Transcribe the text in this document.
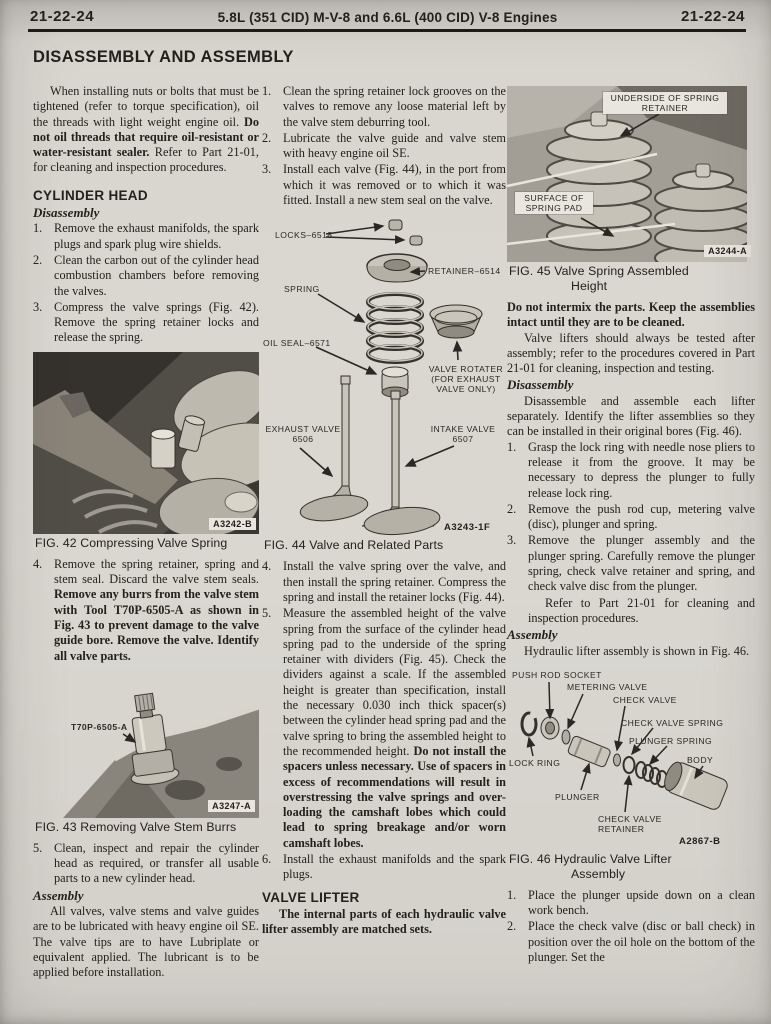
21-22-24	5.8L (351 CID) M-V-8 and 6.6L (400 CID) V-8 Engines	21-22-24
DISASSEMBLY AND ASSEMBLY

When installing nuts or bolts that must be tightened (refer to torque specification), oil the threads with light weight engine oil. Do not oil threads that require oil-resistant or water-resistant sealer. Refer to Part 21-01, for cleaning and inspection procedures.

CYLINDER HEAD
Disassembly
1. Remove the exhaust manifolds, the spark plugs and spark plug wire shields.
2. Clean the carbon out of the cylinder head combustion chambers before removing the valves.
3. Compress the valve springs (Fig. 42). Remove the spring retainer locks and release the spring.
A3242-B
FIG. 42 Compressing Valve Spring
4. Remove the spring retainer, spring and stem seal. Discard the valve stem seals. Remove any burrs from the valve stem with Tool T70P-6505-A as shown in Fig. 43 to prevent damage to the valve guide bore. Remove the valve. Identify all valve parts.
T70P-6505-A
A3247-A
FIG. 43 Removing Valve Stem Burrs
5. Clean, inspect and repair the cylinder head as required, or transfer all usable parts to a new cylinder head.
Assembly

All valves, valve stems and valve guides are to be lubricated with heavy engine oil SE. The valve tips are to have Lubriplate or equivalent applied. The lubricant is to be applied before installation.

1. Clean the spring retainer lock grooves on the valves to remove any loose material left by the valve stem deburring tool.
2. Lubricate the valve guide and valve stem with heavy engine oil SE.
3. Install each valve (Fig. 44), in the port from which it was removed or to which it was fitted. Install a new stem seal on the valve.
LOCKS–6518
RETAINER–6514
SPRING
OIL SEAL–6571
VALVE ROTATER (FOR EXHAUST VALVE ONLY)
EXHAUST VALVE 6506
INTAKE VALVE 6507
A3243-1F
FIG. 44 Valve and Related Parts
4. Install the valve spring over the valve, and then install the spring retainer. Compress the spring and install the retainer locks (Fig. 44).
5. Measure the assembled height of the valve spring from the surface of the cylinder head spring pad to the underside of the spring retainer with dividers (Fig. 45). Check the dividers against a scale. If the assembled height is greater than specification, install the necessary 0.030 inch thick spacer(s) between the cylinder head spring pad and the valve spring to bring the assembled height to the recommended height. Do not install the spacers unless necessary. Use of spacers in excess of recommendations will result in overstressing the valve springs and over-loading the camshaft lobes which could lead to spring breakage and/or worn camshaft lobes.
6. Install the exhaust manifolds and the spark plugs.
VALVE LIFTER

The internal parts of each hydraulic valve lifter assembly are matched sets.

UNDERSIDE OF SPRING RETAINER
SURFACE OF SPRING PAD
A3244-A
FIG. 45 Valve Spring Assembled
Height

Do not intermix the parts. Keep the assemblies intact until they are to be cleaned.

Valve lifters should always be tested after assembly; refer to the procedures covered in Part 21-01 for cleaning, inspection and testing.

Disassembly

Disassemble and assemble each lifter separately. Identify the lifter assemblies so they can be installed in their original bores (Fig. 46).

1. Grasp the lock ring with needle nose pliers to release it from the groove. It may be necessary to depress the plunger to fully release lock ring.
2. Remove the push rod cup, metering valve (disc), plunger and spring.
3. Remove the plunger assembly and the plunger spring. Carefully remove the plunger spring, check valve retainer and spring, and check valve disc from the plunger.

Refer to Part 21-01 for cleaning and inspection procedures.

Assembly

Hydraulic lifter assembly is shown in Fig. 46.

PUSH ROD SOCKET
METERING VALVE
CHECK VALVE
CHECK VALVE SPRING
PLUNGER SPRING
BODY
LOCK RING
PLUNGER
CHECK VALVE RETAINER
A2867-B
FIG. 46 Hydraulic Valve Lifter
Assembly
1. Place the plunger upside down on a clean work bench.
2. Place the check valve (disc or ball check) in position over the oil hole on the bottom of the plunger. Set the
